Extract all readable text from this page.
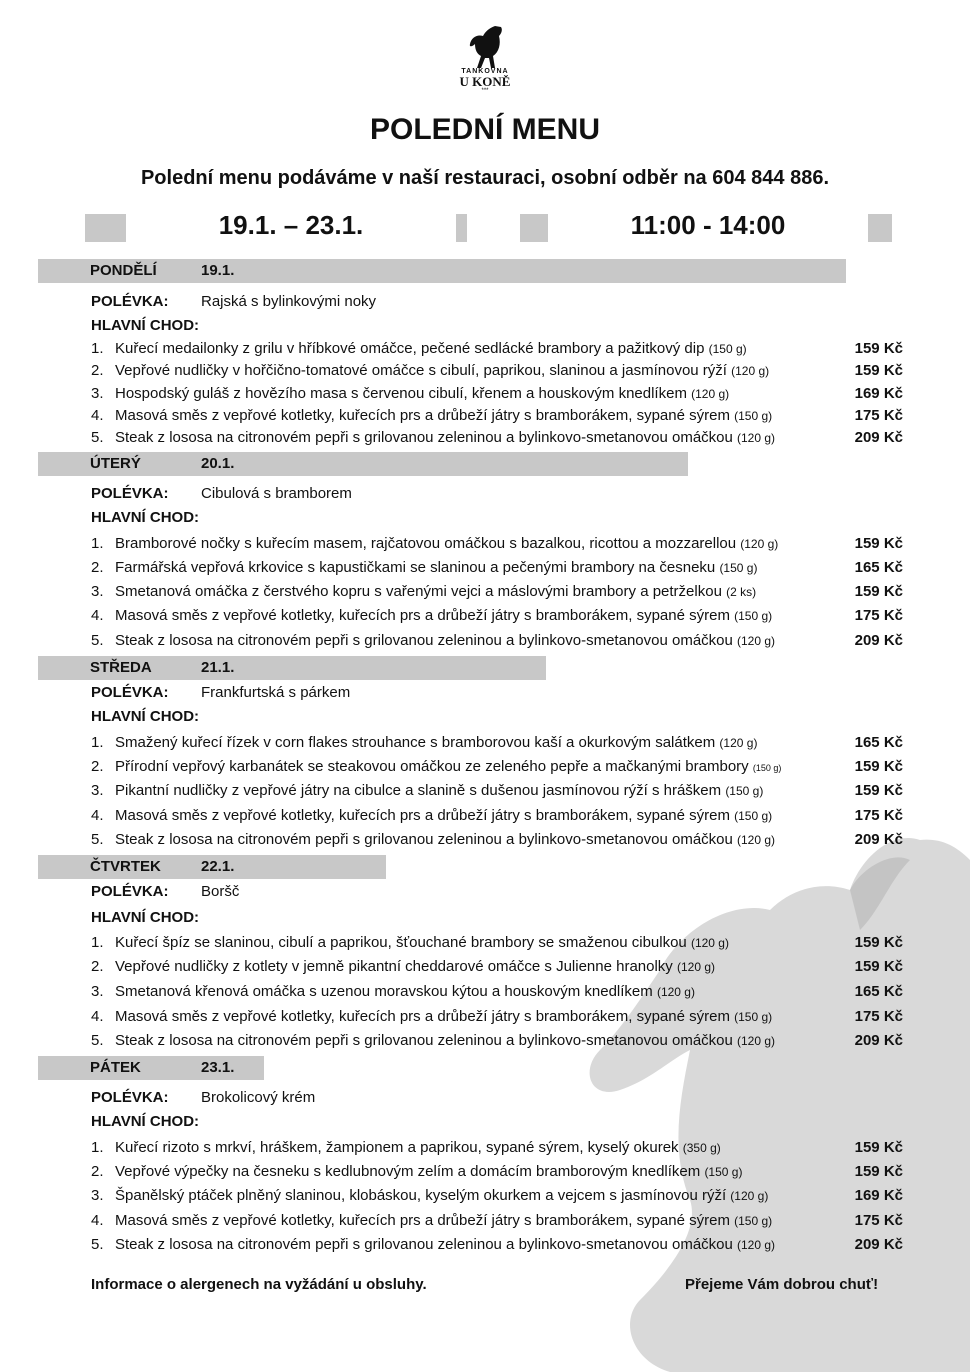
TANKOVNA
U KONĚ
***
POLEDNÍ MENU
Polední menu podáváme v naší restauraci, osobní odběr na 604 844 886.
19.1. – 23.1.	11:00 - 14:00
PONDĚLÍ	19.1.
POLÉVKA: Rajská s bylinkovými noky
HLAVNÍ CHOD:
1. Kuřecí medailonky z grilu v hříbkové omáčce, pečené sedlácké brambory a pažitkový dip (150 g)	159 Kč
2. Vepřové nudličky v hořčično-tomatové omáčce s cibulí, paprikou, slaninou a jasmínovou rýží (120 g)	159 Kč
3. Hospodský guláš z hovězího masa s červenou cibulí, křenem a houskovým knedlíkem (120 g)	169 Kč
4. Masová směs z vepřové kotletky, kuřecích prs a drůbeží játry s bramborákem, sypané sýrem (150 g)	175 Kč
5. Steak z lososa na citronovém pepři s grilovanou zeleninou a bylinkovo-smetanovou omáčkou (120 g)	209 Kč
ÚTERÝ	20.1.
POLÉVKA: Cibulová s bramborem
HLAVNÍ CHOD:
1. Bramborové nočky s kuřecím masem, rajčatovou omáčkou s bazalkou, ricottou a mozzarellou (120 g)	159 Kč
2. Farmářská vepřová krkovice s kapustičkami se slaninou a pečenými brambory na česneku (150 g)	165 Kč
3. Smetanová omáčka z čerstvého kopru s vařenými vejci a máslovými brambory a petrželkou (2 ks)	159 Kč
4. Masová směs z vepřové kotletky, kuřecích prs a drůbeží játry s bramborákem, sypané sýrem (150 g)	175 Kč
5. Steak z lososa na citronovém pepři s grilovanou zeleninou a bylinkovo-smetanovou omáčkou (120 g)	209 Kč
STŘEDA	21.1.
POLÉVKA: Frankfurtská s párkem
HLAVNÍ CHOD:
1. Smažený kuřecí řízek v corn flakes strouhance s bramborovou kaší a okurkovým salátkem (120 g)	165 Kč
2. Přírodní vepřový karbanátek se steakovou omáčkou ze zeleného pepře a mačkanými brambory (150 g)	159 Kč
3. Pikantní nudličky z vepřové játry na cibulce a slanině s dušenou jasmínovou rýží s hráškem (150 g)	159 Kč
4. Masová směs z vepřové kotletky, kuřecích prs a drůbeží játry s bramborákem, sypané sýrem (150 g)	175 Kč
5. Steak z lososa na citronovém pepři s grilovanou zeleninou a bylinkovo-smetanovou omáčkou (120 g)	209 Kč
ČTVRTEK	22.1.
POLÉVKA: Boršč
HLAVNÍ CHOD:
1. Kuřecí špíz se slaninou, cibulí a paprikou, šťouchané brambory se smaženou cibulkou (120 g)	159 Kč
2. Vepřové nudličky z kotlety v jemně pikantní cheddarové omáčce s Julienne hranolky (120 g)	159 Kč
3. Smetanová křenová omáčka s uzenou moravskou kýtou a houskovým knedlíkem (120 g)	165 Kč
4. Masová směs z vepřové kotletky, kuřecích prs a drůbeží játry s bramborákem, sypané sýrem (150 g)	175 Kč
5. Steak z lososa na citronovém pepři s grilovanou zeleninou a bylinkovo-smetanovou omáčkou (120 g)	209 Kč
PÁTEK	23.1.
POLÉVKA: Brokolicový krém
HLAVNÍ CHOD:
1. Kuřecí rizoto s mrkví, hráškem, žampionem a paprikou, sypané sýrem, kyselý okurek (350 g)	159 Kč
2. Vepřové výpečky na česneku s kedlubnovým zelím a domácím bramborovým knedlíkem (150 g)	159 Kč
3. Španělský ptáček plněný slaninou, klobáskou, kyselým okurkem a vejcem s jasmínovou rýží (120 g)	169 Kč
4. Masová směs z vepřové kotletky, kuřecích prs a drůbeží játry s bramborákem, sypané sýrem (150 g)	175 Kč
5. Steak z lososa na citronovém pepři s grilovanou zeleninou a bylinkovo-smetanovou omáčkou (120 g)	209 Kč
Informace o alergenech na vyžádání u obsluhy.	Přejeme Vám dobrou chuť!
